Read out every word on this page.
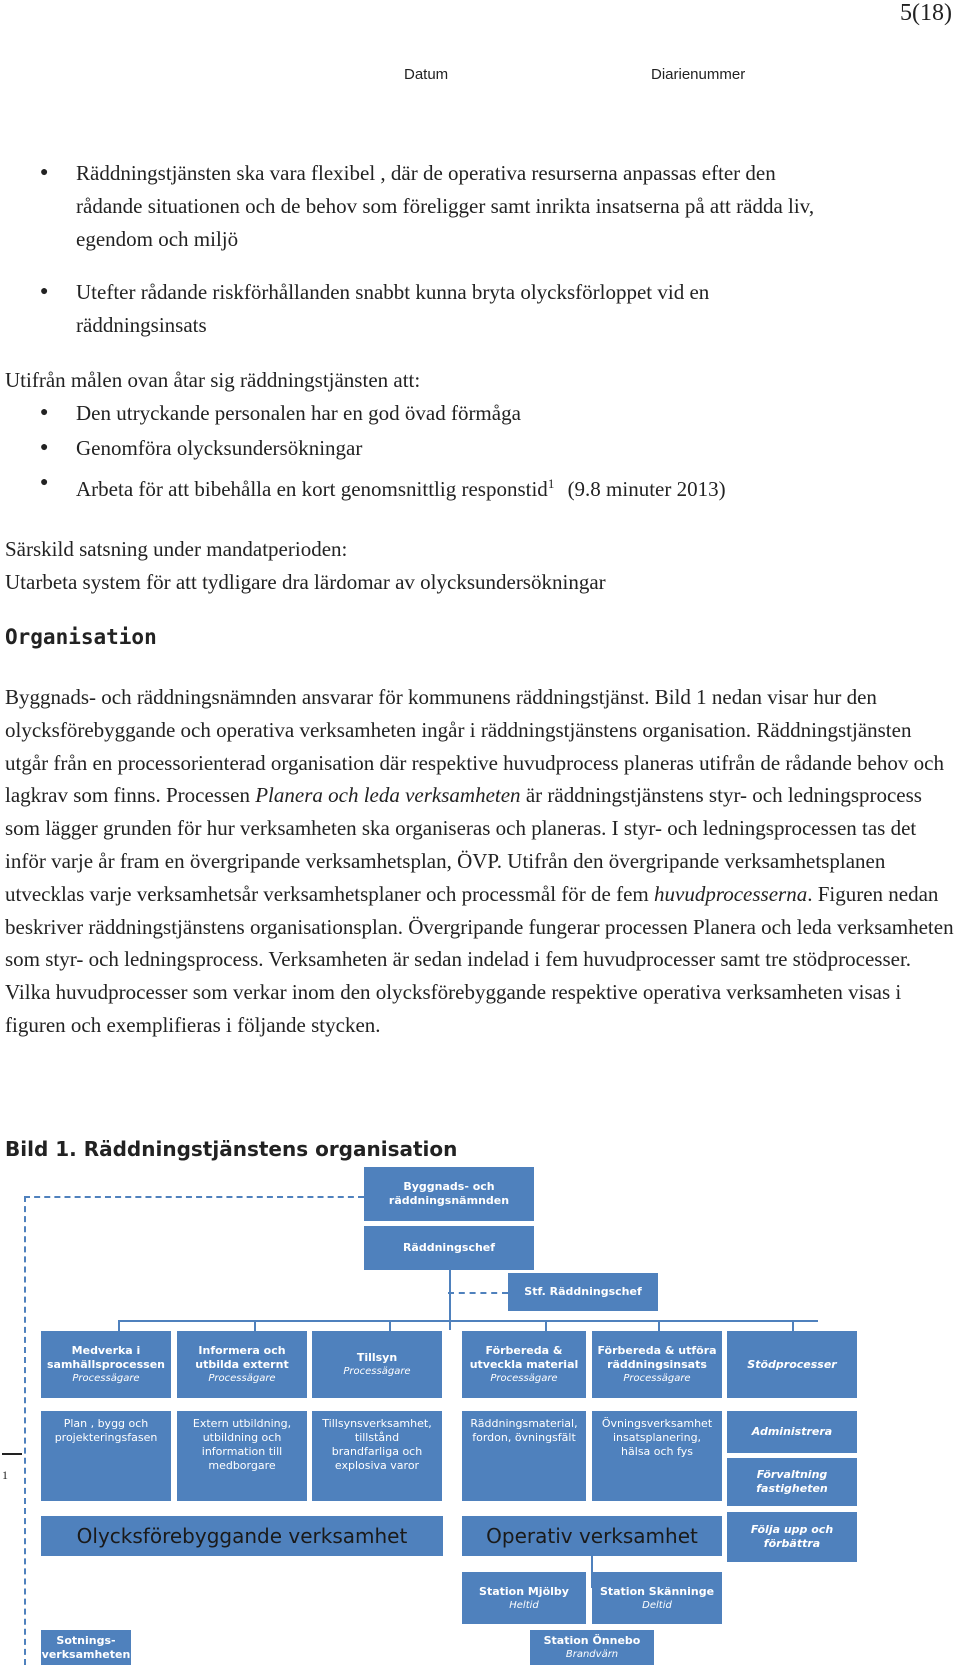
5(18)
Datum	Diarienummer
● Räddningstjänsten ska vara flexibel , där de operativa resurserna anpassas efter den
rådande situationen och de behov som föreligger samt inrikta insatserna på att rädda liv,
egendom och miljö
● Utefter rådande riskförhållanden snabbt kunna bryta olycksförloppet vid en
räddningsinsats
Utifrån målen ovan åtar sig räddningstjänsten att:
● Den utryckande personalen har en god övad förmåga
● Genomföra olycksundersökningar
● Arbeta för att bibehålla en kort genomsnittlig responstid$^1$ (9.8 minuter 2013)
Särskild satsning under mandatperioden:
Utarbeta system för att tydligare dra lärdomar av olycksundersökningar
Organisation
Byggnads- och räddningsnämnden ansvarar för kommunens räddningstjänst. Bild 1 nedan visar hur den olycksförebyggande och operativa verksamheten ingår i räddningstjänstens organisation. Räddningstjänsten utgår från en processorienterad organisation där respektive huvudprocess planeras utifrån de rådande behov och lagkrav som finns. Processen Planera och leda verksamheten är räddningstjänstens styr- och ledningsprocess som lägger grunden för hur verksamheten ska organiseras och planeras. I styr- och ledningsprocessen tas det inför varje år fram en övergripande verksamhetsplan, ÖVP. Utifrån den övergripande verksamhetsplanen utvecklas varje verksamhetsår verksamhetsplaner och processmål för de fem huvudprocesserna. Figuren nedan beskriver räddningstjänstens organisationsplan. Övergripande fungerar processen Planera och leda verksamheten som styr- och ledningsprocess. Verksamheten är sedan indelad i fem huvudprocesser samt tre stödprocesser. Vilka huvudprocesser som verkar inom den olycksförebyggande respektive operativa verksamheten visas i figuren och exemplifieras i följande stycken.
Bild 1. Räddningstjänstens organisation
Byggnads- och
räddningsnämnden
Räddningschef
Stf. Räddningschef
Medverka i
samhällsprocessen
Processägare
Informera och
utbilda externt
Processägare
Tillsyn
Processägare
Förbereda &
utveckla material
Processägare
Förbereda & utföra
räddningsinsats
Processägare
Stödprocesser
Plan , bygg och
projekteringsfasen
Extern utbildning,
utbildning och
information till
medborgare
Tillsynsverksamhet,
tillstånd
brandfarliga och
explosiva varor
Räddningsmaterial,
fordon, övningsfält
Övningsverksamhet
insatsplanering,
hälsa och fys
Administrera
Förvaltning
fastigheten
Följa upp och
förbättra
Olycksförebyggande verksamhet	Operativ verksamhet
Station Mjölby
Heltid
Station Skänninge
Deltid
Station Önnebo
Brandvärn
Sotnings-
verksamheten
1
